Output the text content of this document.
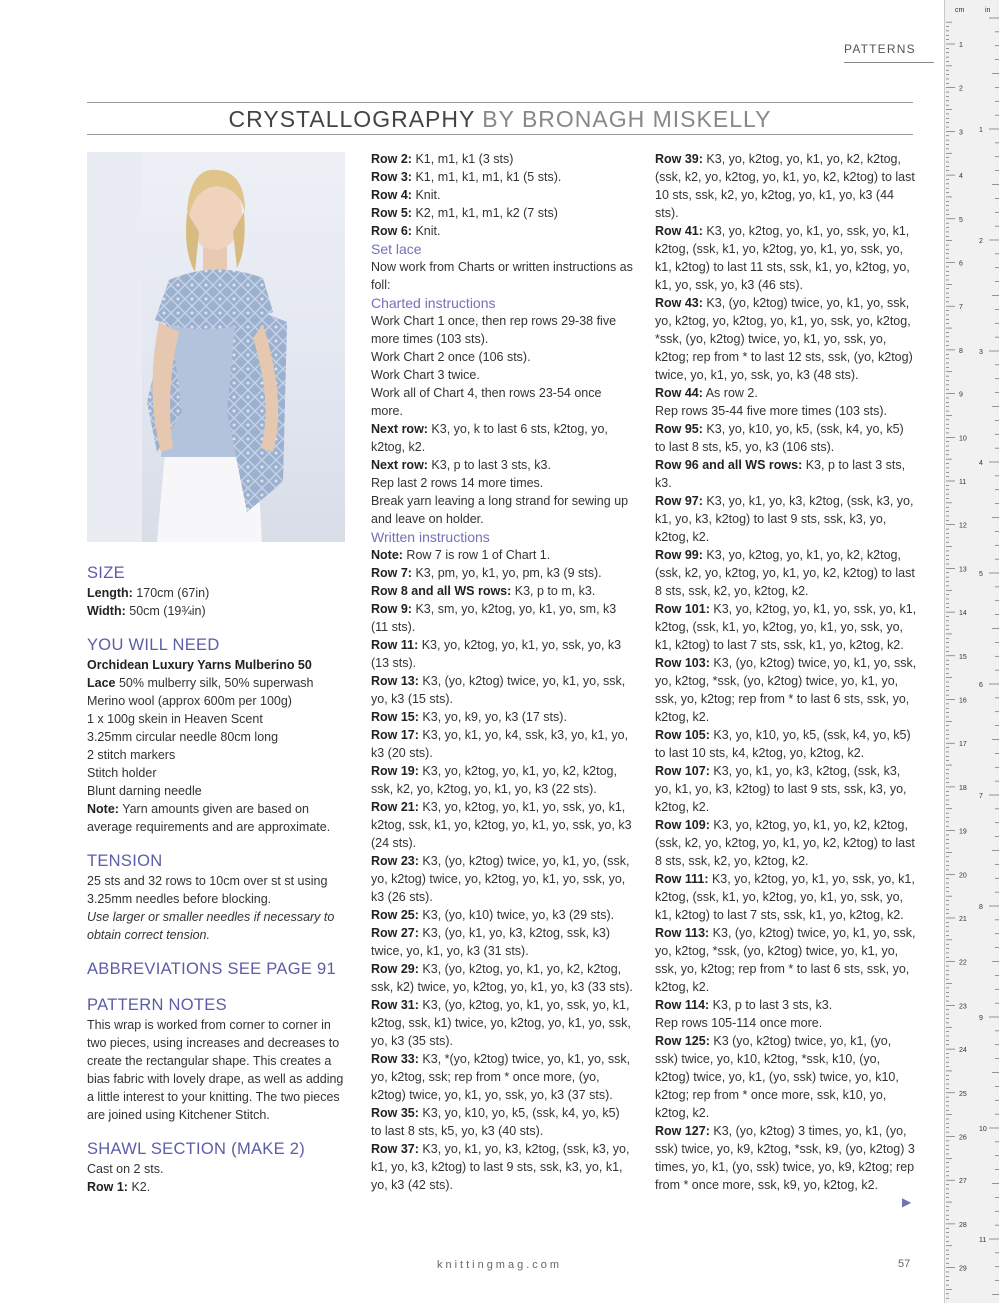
PATTERNS
CRYSTALLOGRAPHY BY BRONAGH MISKELLY

SIZE

Length: 170cm (67in)

Width: 50cm (19¾in)

YOU WILL NEED

Orchidean Luxury Yarns Mulberino 50

Lace 50% mulberry silk, 50% superwash

Merino wool (approx 600m per 100g)

1 x 100g skein in Heaven Scent

3.25mm circular needle 80cm long

2 stitch markers

Stitch holder

Blunt darning needle

Note: Yarn amounts given are based on average requirements and are approximate.

TENSION

25 sts and 32 rows to 10cm over st st using 3.25mm needles before blocking.

Use larger or smaller needles if necessary to obtain correct tension.

ABBREVIATIONS SEE PAGE 91

PATTERN NOTES

This wrap is worked from corner to corner in two pieces, using increases and decreases to create the rectangular shape. This creates a bias fabric with lovely drape, as well as adding a little interest to your knitting. The two pieces are joined using Kitchener Stitch.

SHAWL SECTION (MAKE 2)

Cast on 2 sts.

Row 1: K2.

Row 2: K1, m1, k1 (3 sts)

Row 3: K1, m1, k1, m1, k1 (5 sts).

Row 4: Knit.

Row 5: K2, m1, k1, m1, k2 (7 sts)

Row 6: Knit.

Set lace

Now work from Charts or written instructions as foll:

Charted instructions

Work Chart 1 once, then rep rows 29-38 five more times (103 sts).

Work Chart 2 once (106 sts).

Work Chart 3 twice.

Work all of Chart 4, then rows 23-54 once more.

Next row: K3, yo, k to last 6 sts, k2tog, yo, k2tog, k2.

Next row: K3, p to last 3 sts, k3.

Rep last 2 rows 14 more times.

Break yarn leaving a long strand for sewing up and leave on holder.

Written instructions

Note: Row 7 is row 1 of Chart 1.

Row 7: K3, pm, yo, k1, yo, pm, k3 (9 sts).

Row 8 and all WS rows: K3, p to m, k3.

Row 9: K3, sm, yo, k2tog, yo, k1, yo, sm, k3 (11 sts).

Row 11: K3, yo, k2tog, yo, k1, yo, ssk, yo, k3 (13 sts).

Row 13: K3, (yo, k2tog) twice, yo, k1, yo, ssk, yo, k3 (15 sts).

Row 15: K3, yo, k9, yo, k3 (17 sts).

Row 17: K3, yo, k1, yo, k4, ssk, k3, yo, k1, yo, k3 (20 sts).

Row 19: K3, yo, k2tog, yo, k1, yo, k2, k2tog, ssk, k2, yo, k2tog, yo, k1, yo, k3 (22 sts).

Row 21: K3, yo, k2tog, yo, k1, yo, ssk, yo, k1, k2tog, ssk, k1, yo, k2tog, yo, k1, yo, ssk, yo, k3 (24 sts).

Row 23: K3, (yo, k2tog) twice, yo, k1, yo, (ssk, yo, k2tog) twice, yo, k2tog, yo, k1, yo, ssk, yo, k3 (26 sts).

Row 25: K3, (yo, k10) twice, yo, k3 (29 sts).

Row 27: K3, (yo, k1, yo, k3, k2tog, ssk, k3) twice, yo, k1, yo, k3 (31 sts).

Row 29: K3, (yo, k2tog, yo, k1, yo, k2, k2tog, ssk, k2) twice, yo, k2tog, yo, k1, yo, k3 (33 sts).

Row 31: K3, (yo, k2tog, yo, k1, yo, ssk, yo, k1, k2tog, ssk, k1) twice, yo, k2tog, yo, k1, yo, ssk, yo, k3 (35 sts).

Row 33: K3, *(yo, k2tog) twice, yo, k1, yo, ssk, yo, k2tog, ssk; rep from * once more, (yo, k2tog) twice, yo, k1, yo, ssk, yo, k3 (37 sts).

Row 35: K3, yo, k10, yo, k5, (ssk, k4, yo, k5) to last 8 sts, k5, yo, k3 (40 sts).

Row 37: K3, yo, k1, yo, k3, k2tog, (ssk, k3, yo, k1, yo, k3, k2tog) to last 9 sts, ssk, k3, yo, k1, yo, k3 (42 sts).

Row 39: K3, yo, k2tog, yo, k1, yo, k2, k2tog, (ssk, k2, yo, k2tog, yo, k1, yo, k2, k2tog) to last 10 sts, ssk, k2, yo, k2tog, yo, k1, yo, k3 (44 sts).

Row 41: K3, yo, k2tog, yo, k1, yo, ssk, yo, k1, k2tog, (ssk, k1, yo, k2tog, yo, k1, yo, ssk, yo, k1, k2tog) to last 11 sts, ssk, k1, yo, k2tog, yo, k1, yo, ssk, yo, k3 (46 sts).

Row 43: K3, (yo, k2tog) twice, yo, k1, yo, ssk, yo, k2tog, yo, k2tog, yo, k1, yo, ssk, yo, k2tog, *ssk, (yo, k2tog) twice, yo, k1, yo, ssk, yo, k2tog; rep from * to last 12 sts, ssk, (yo, k2tog) twice, yo, k1, yo, ssk, yo, k3 (48 sts).

Row 44: As row 2.

Rep rows 35-44 five more times (103 sts).

Row 95: K3, yo, k10, yo, k5, (ssk, k4, yo, k5) to last 8 sts, k5, yo, k3 (106 sts).

Row 96 and all WS rows: K3, p to last 3 sts, k3.

Row 97: K3, yo, k1, yo, k3, k2tog, (ssk, k3, yo, k1, yo, k3, k2tog) to last 9 sts, ssk, k3, yo, k2tog, k2.

Row 99: K3, yo, k2tog, yo, k1, yo, k2, k2tog, (ssk, k2, yo, k2tog, yo, k1, yo, k2, k2tog) to last 8 sts, ssk, k2, yo, k2tog, k2.

Row 101: K3, yo, k2tog, yo, k1, yo, ssk, yo, k1, k2tog, (ssk, k1, yo, k2tog, yo, k1, yo, ssk, yo, k1, k2tog) to last 7 sts, ssk, k1, yo, k2tog, k2.

Row 103: K3, (yo, k2tog) twice, yo, k1, yo, ssk, yo, k2tog, *ssk, (yo, k2tog) twice, yo, k1, yo, ssk, yo, k2tog; rep from * to last 6 sts, ssk, yo, k2tog, k2.

Row 105: K3, yo, k10, yo, k5, (ssk, k4, yo, k5) to last 10 sts, k4, k2tog, yo, k2tog, k2.

Row 107: K3, yo, k1, yo, k3, k2tog, (ssk, k3, yo, k1, yo, k3, k2tog) to last 9 sts, ssk, k3, yo, k2tog, k2.

Row 109: K3, yo, k2tog, yo, k1, yo, k2, k2tog, (ssk, k2, yo, k2tog, yo, k1, yo, k2, k2tog) to last 8 sts, ssk, k2, yo, k2tog, k2.

Row 111: K3, yo, k2tog, yo, k1, yo, ssk, yo, k1, k2tog, (ssk, k1, yo, k2tog, yo, k1, yo, ssk, yo, k1, k2tog) to last 7 sts, ssk, k1, yo, k2tog, k2.

Row 113: K3, (yo, k2tog) twice, yo, k1, yo, ssk, yo, k2tog, *ssk, (yo, k2tog) twice, yo, k1, yo, ssk, yo, k2tog; rep from * to last 6 sts, ssk, yo, k2tog, k2.

Row 114: K3, p to last 3 sts, k3.

Rep rows 105-114 once more.

Row 125: K3 (yo, k2tog) twice, yo, k1, (yo, ssk) twice, yo, k10, k2tog, *ssk, k10, (yo, k2tog) twice, yo, k1, (yo, ssk) twice, yo, k10, k2tog; rep from * once more, ssk, k10, yo, k2tog, k2.

Row 127: K3, (yo, k2tog) 3 times, yo, k1, (yo, ssk) twice, yo, k9, k2tog, *ssk, k9, (yo, k2tog) 3 times, yo, k1, (yo, ssk) twice, yo, k9, k2tog; rep from * once more, ssk, k9, yo, k2tog, k2.

▶
knittingmag.com	57
cm	in
1
2
3
4
5
6
7
8
9
10
11
12
13
14
15
16
17
18
19
20
21
22
23
24
25
26
27
28
29
1
2
3
4
5
6
7
8
9
10
11
